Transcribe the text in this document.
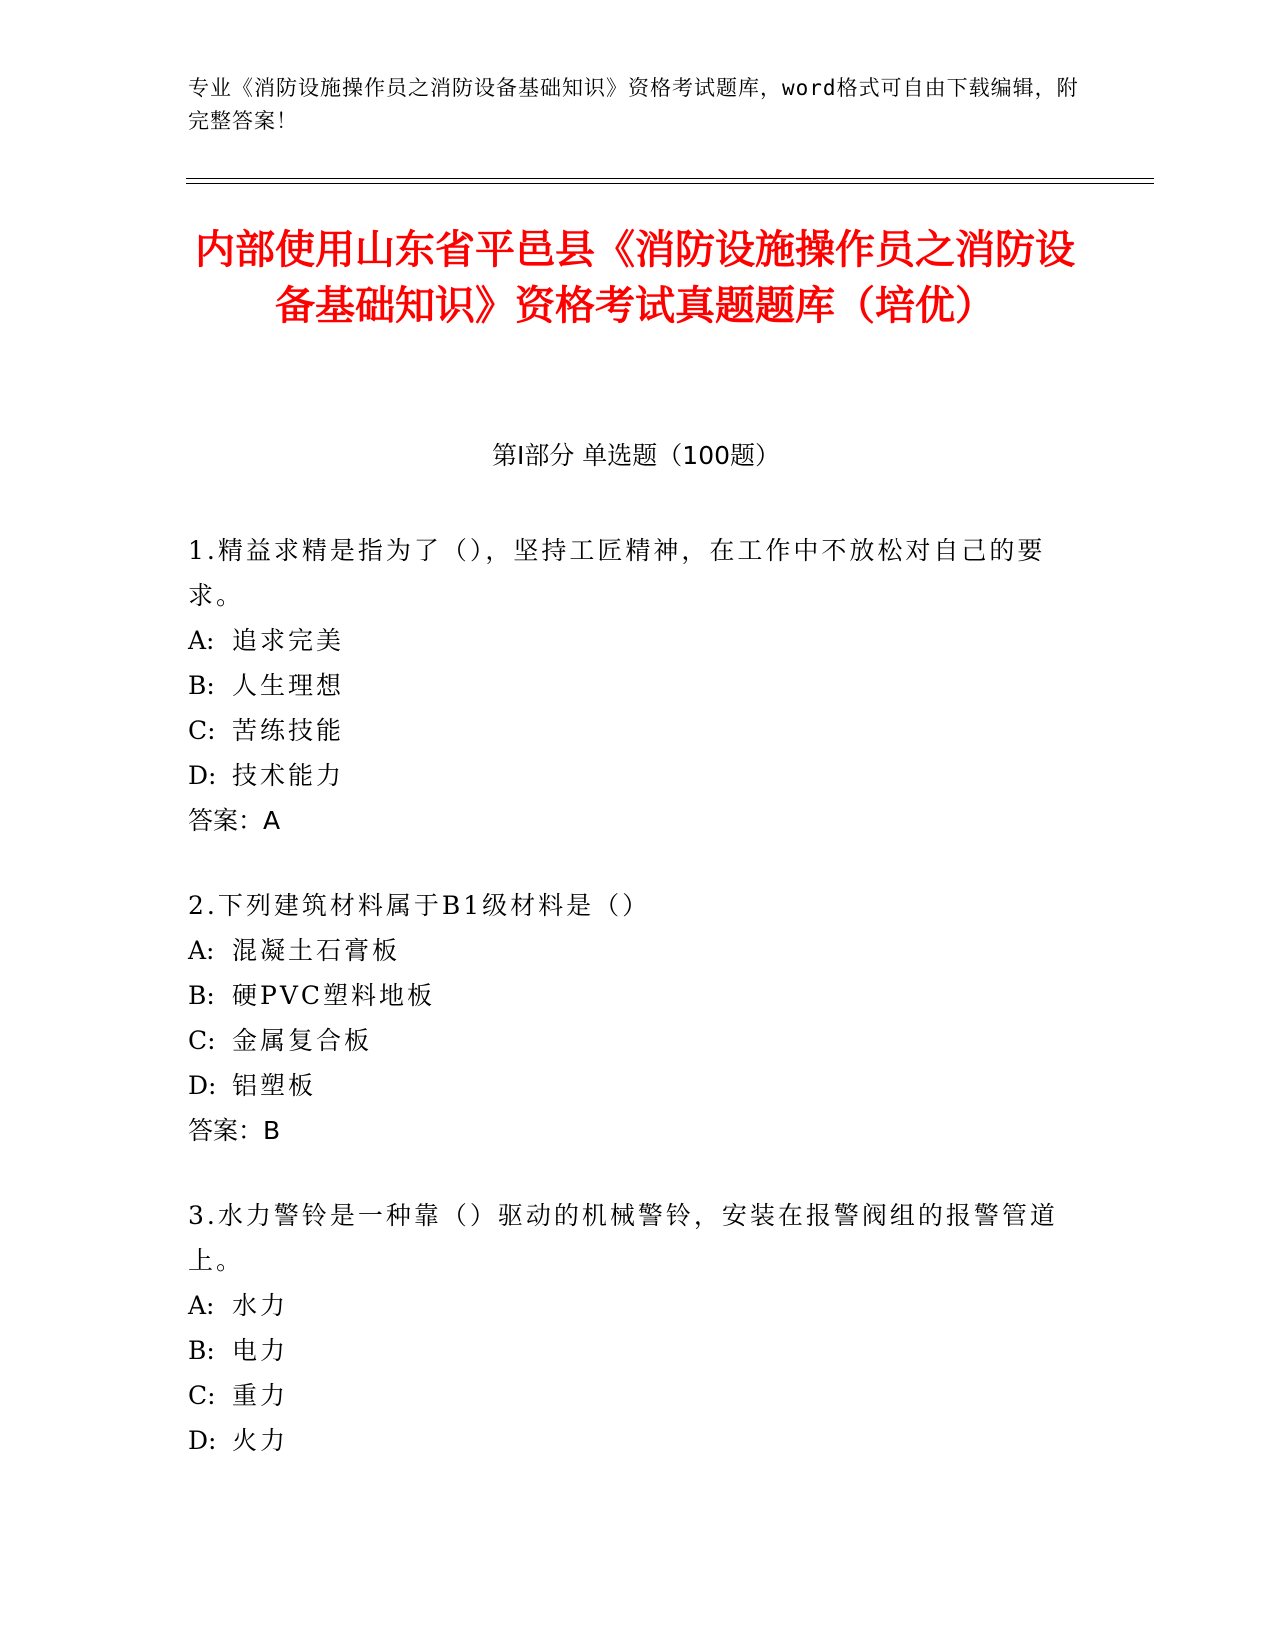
专业《消防设施操作员之消防设备基础知识》资格考试题库，word格式可自由下载编辑，附完整答案！
内部使用山东省平邑县《消防设施操作员之消防设备基础知识》资格考试真题题库（培优）
第Ⅰ部分 单选题（100题）

1.精益求精是指为了（），坚持工匠精神，在工作中不放松对自己的要求。

A: 追求完美

B: 人生理想

C: 苦练技能

D: 技术能力

答案：A

2.下列建筑材料属于B1级材料是（）

A: 混凝土石膏板

B: 硬PVC塑料地板

C: 金属复合板

D: 铝塑板

答案：B

3.水力警铃是一种靠（）驱动的机械警铃，安装在报警阀组的报警管道上。

A: 水力

B: 电力

C: 重力

D: 火力
